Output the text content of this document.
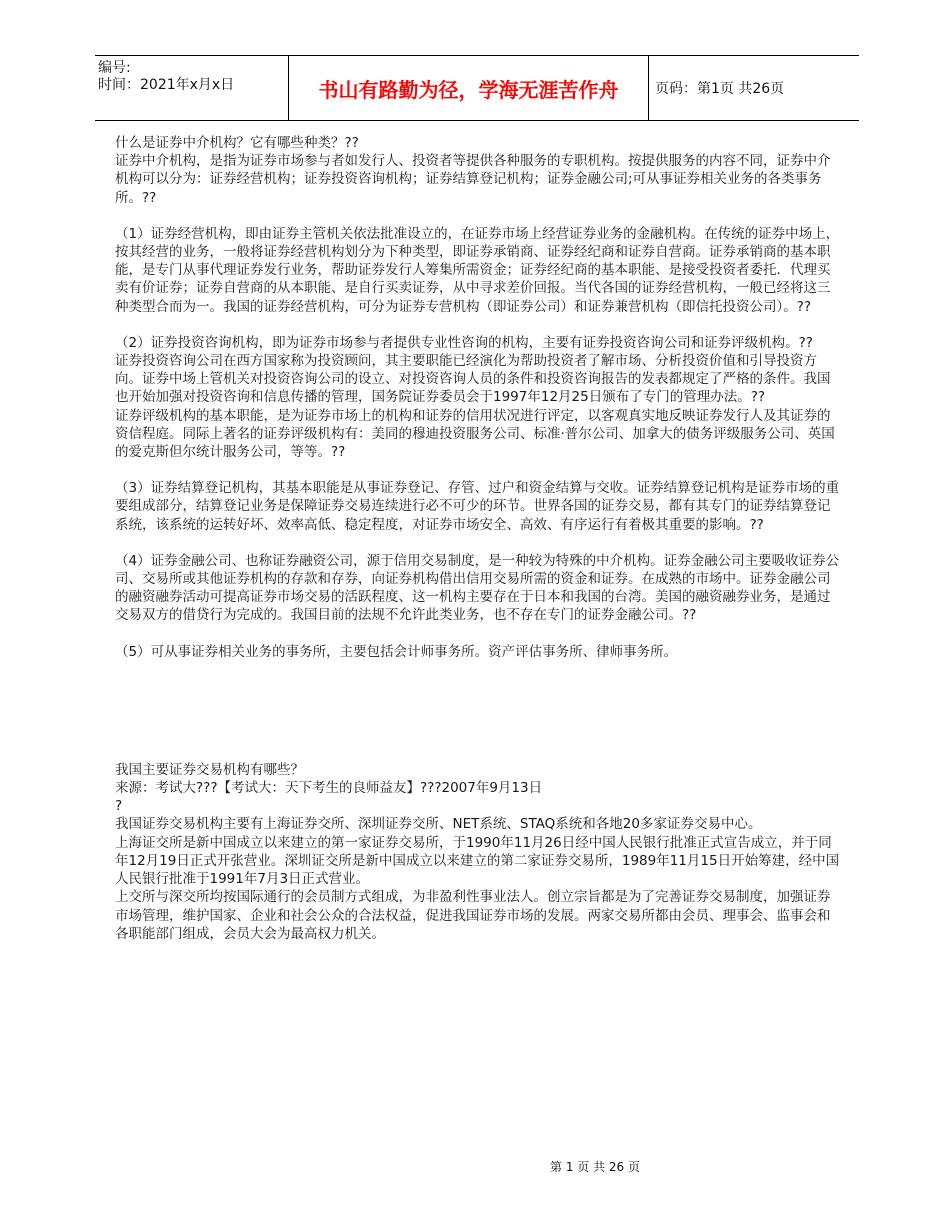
编号:
时间：2021年x月x日	书山有路勤为径，学海无涯苦作舟	页码：第1页 共26页

什么是证券中介机构？它有哪些种类？??

证券中介机构，是指为证券市场参与者如发行人、投资者等提供各种服务的专职机构。按提供服务的内容不同，证券中介机构可以分为：证券经营机构；证券投资咨询机构；证券结算登记机构；证券金融公司;可从事证券相关业务的各类事务所。??

（1）证券经营机构，即由证券主管机关依法批准设立的，在证券市场上经营证券业务的金融机构。在传统的证券中场上，按其经营的业务，一般将证券经营机构划分为下种类型，即证券承销商、证券经纪商和证券自营商。证券承销商的基本职能，是专门从事代理证券发行业务，帮助证券发行人筹集所需资金；证券经纪商的基本职能、是接受投资者委托．代理买卖有价证券；证券自营商的从本职能、是自行买卖证券，从中寻求差价回报。当代各国的证券经营机构，一般已经将这三种类型合而为一。我国的证券经营机构，可分为证券专营机构（即证券公司）和证券兼营机构（即信托投资公司）。??

（2）证券投资咨询机构，即为证券市场参与者提供专业性咨询的机构，主要有证券投资咨询公司和证券评级机构。??

证券投资咨询公司在西方国家称为投资顾问，其主要职能已经演化为帮助投资者了解市场、分析投资价值和引导投资方向。证券中场上管机关对投资咨询公司的设立、对投资咨询人员的条件和投资咨询报告的发表都规定了严格的条件。我国也开始加强对投资咨询和信息传播的管理，国务院证券委员会于1997年12月25日颁布了专门的管理办法。??

证券评级机构的基本职能，是为证券市场上的机构和证券的信用状况进行评定，以客观真实地反映证券发行人及其证券的资信程庭。同际上著名的证券评级机构有：美同的穆迪投资服务公司、标准·普尔公司、加拿大的债务评级服务公司、英国的爱克斯但尔统计服务公司，等等。??

（3）证券结算登记机构，其基本职能是从事证券登记、存管、过户和资金结算与交收。证券结算登记机构是证券市场的重要组成部分，结算登记业务是保障证券交易连续进行必不可少的环节。世界各国的证券交易，都有其专门的证券结算登记系统，该系统的运转好坏、效率高低、稳定程度，对证券市场安全、高效、有序运行有着极其重要的影响。??

（4）证券金融公司、也称证券融资公司，源于信用交易制度，是一种较为特殊的中介机构。证券金融公司主要吸收证券公司、交易所或其他证券机构的存款和存券，向证券机构借出信用交易所需的资金和证券。在成熟的市场中。证券金融公司的融资融券活动可提高证券市场交易的活跃程度、这一机构主要存在于日本和我国的台湾。美国的融资融券业务，是通过交易双方的借贷行为完成的。我国目前的法规不允许此类业务，也不存在专门的证券金融公司。??

（5）可从事证券相关业务的事务所，主要包括会计师事务所。资产评估事务所、律师事务所。

我国主要证券交易机构有哪些？

来源：考试大???【考试大：天下考生的良师益友】???2007年9月13日

?

我国证券交易机构主要有上海证券交所、深圳证券交所、NET系统、STAQ系统和各地20多家证券交易中心。

上海证交所是新中国成立以来建立的第一家证券交易所，于1990年11月26日经中国人民银行批准正式宣告成立，并于同年12月19日正式开张营业。深圳证交所是新中国成立以来建立的第二家证券交易所，1989年11月15日开始筹建，经中国人民银行批准于1991年7月3日正式营业。

上交所与深交所均按国际通行的会员制方式组成，为非盈利性事业法人。创立宗旨都是为了完善证券交易制度，加强证券市场管理，维护国家、企业和社会公众的合法权益，促进我国证券市场的发展。两家交易所都由会员、理事会、监事会和各职能部门组成，会员大会为最高权力机关。

第 1 页 共 26 页
